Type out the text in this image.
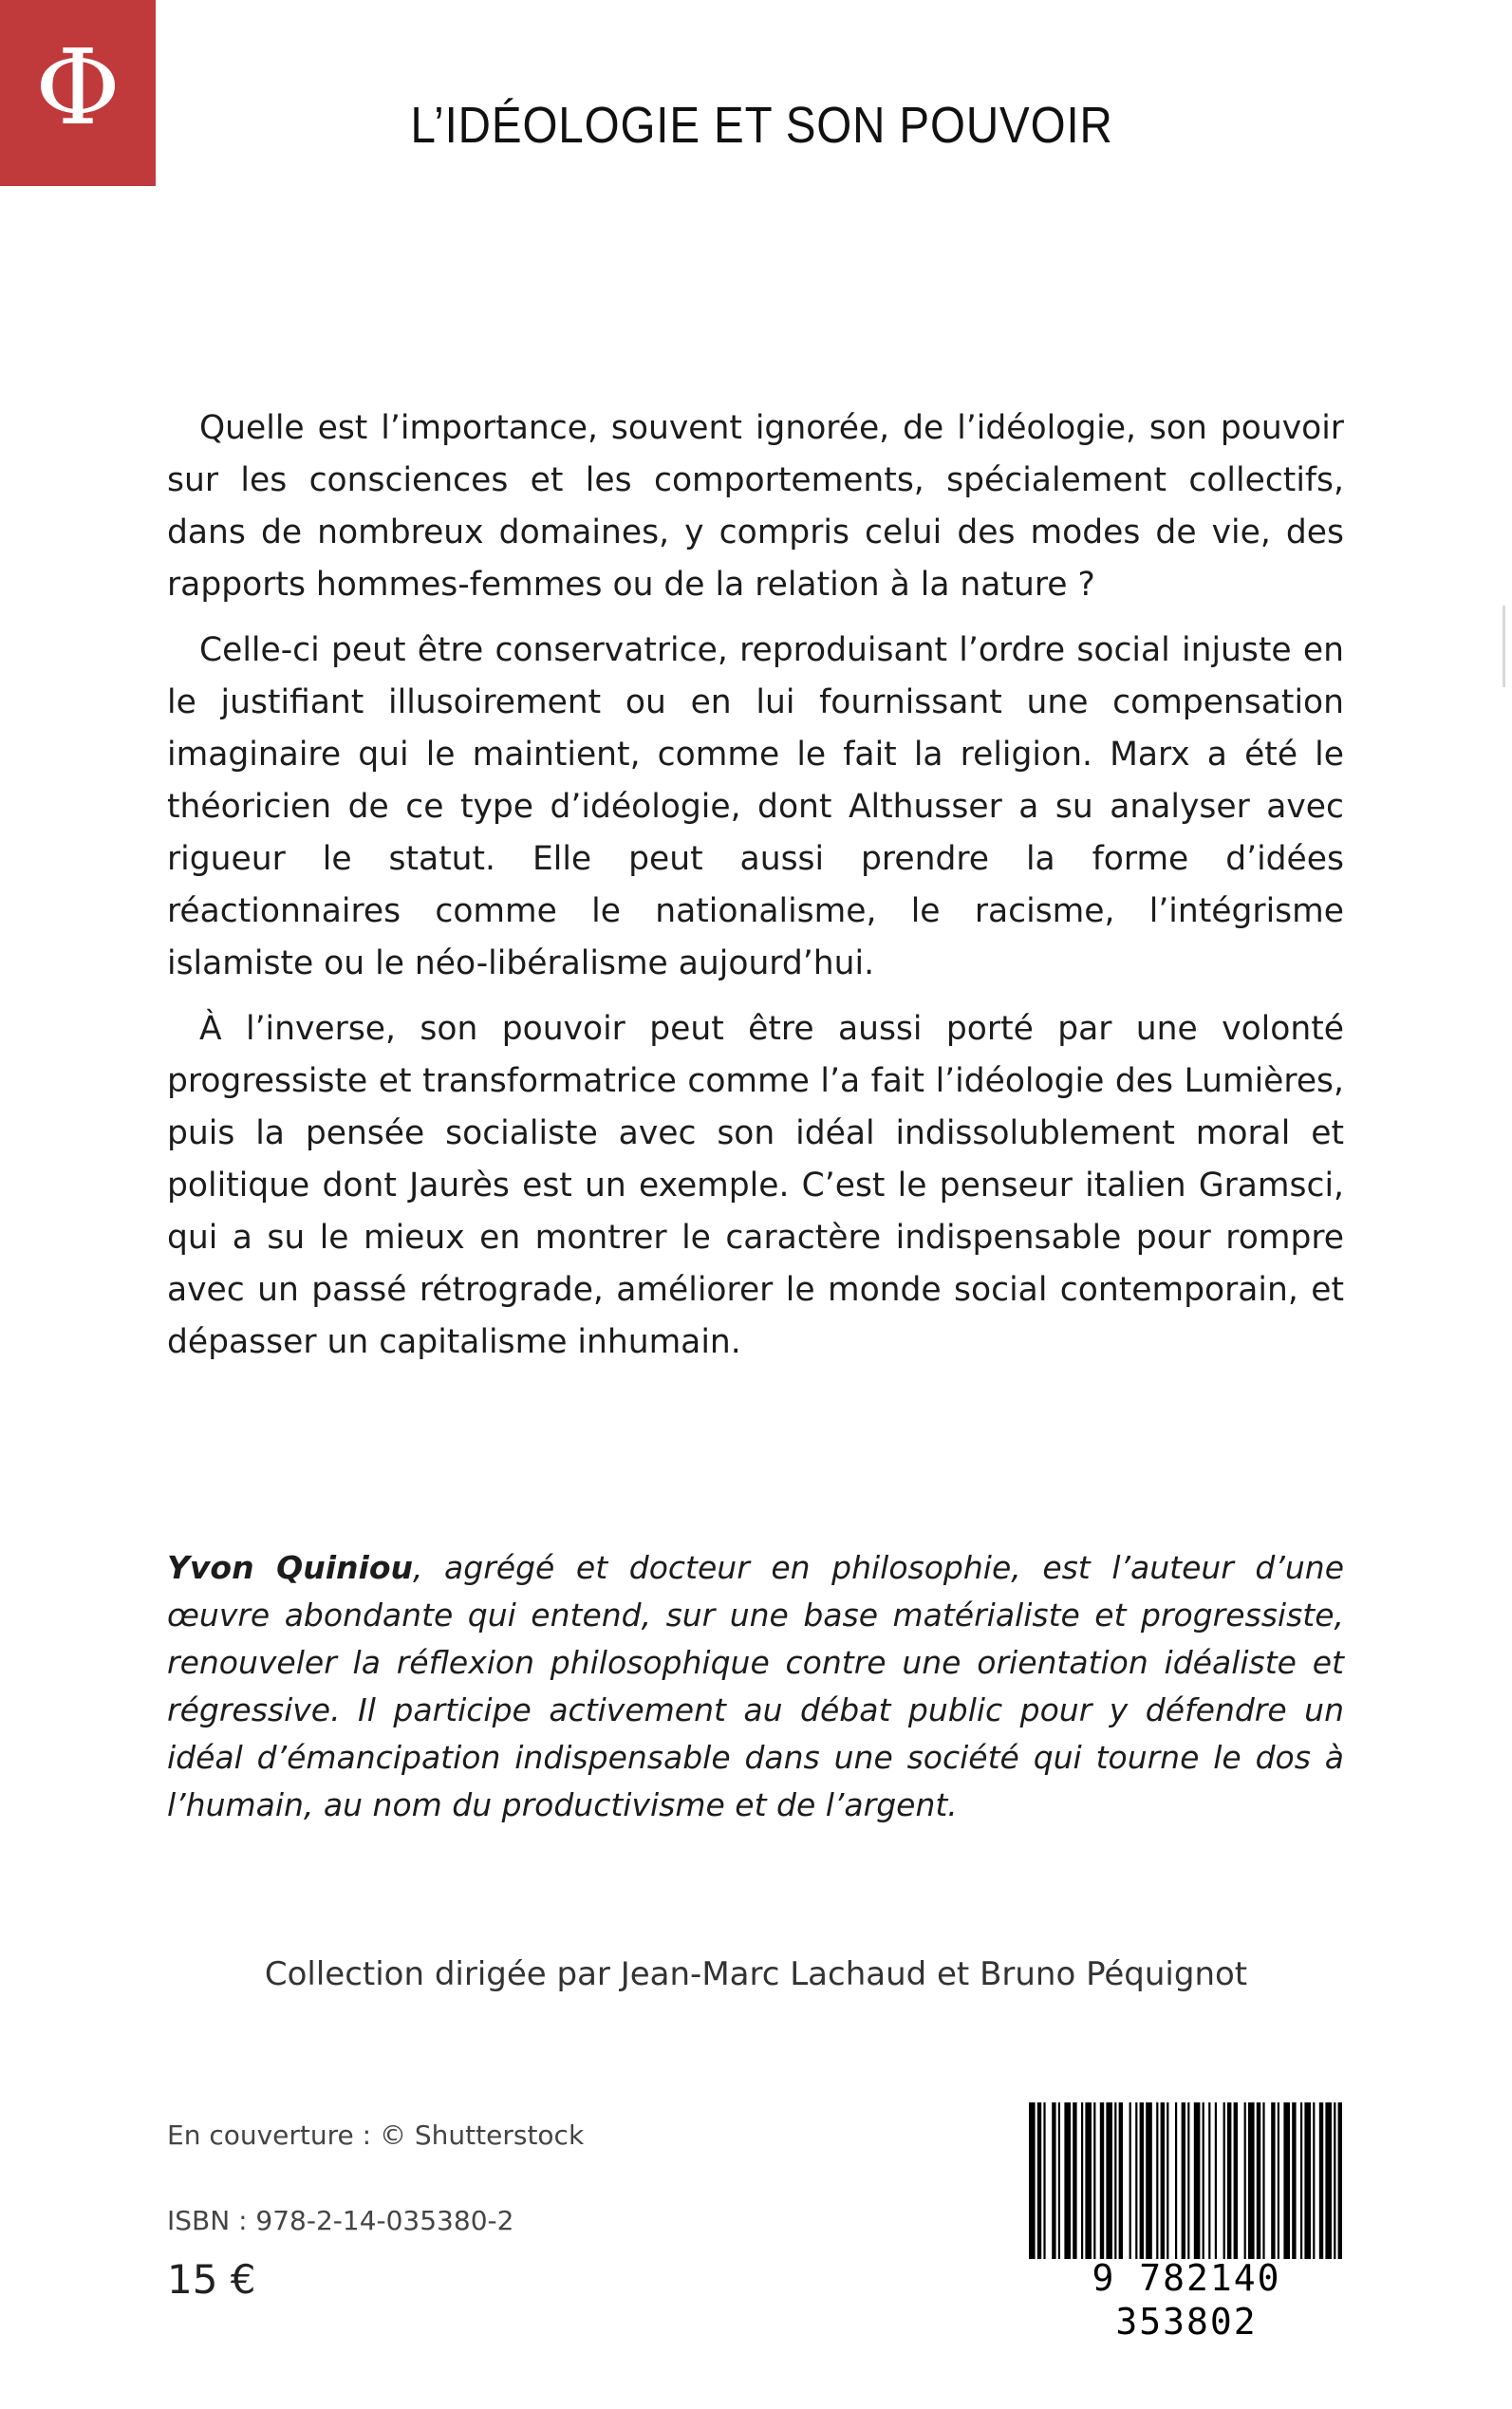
Φ	L’IDÉOLOGIE ET SON POUVOIR

Quelle est l’importance, souvent ignorée, de l’idéologie, son pouvoir sur les consciences et les comportements, spécialement collectifs, dans de nombreux domaines, y compris celui des modes de vie, des rapports hommes-femmes ou de la relation à la nature ?

Celle-ci peut être conservatrice, reproduisant l’ordre social injuste en le justifiant illusoirement ou en lui fournissant une compensation imaginaire qui le maintient, comme le fait la religion. Marx a été le théoricien de ce type d’idéologie, dont Althusser a su analyser avec rigueur le statut. Elle peut aussi prendre la forme d’idées réactionnaires comme le nationalisme, le racisme, l’intégrisme islamiste ou le néo-libéralisme aujourd’hui.

À l’inverse, son pouvoir peut être aussi porté par une volonté progressiste et transformatrice comme l’a fait l’idéologie des Lumières, puis la pensée socialiste avec son idéal indissolublement moral et politique dont Jaurès est un exemple. C’est le penseur italien Gramsci, qui a su le mieux en montrer le caractère indispensable pour rompre avec un passé rétrograde, améliorer le monde social contemporain, et dépasser un capitalisme inhumain.

Yvon Quiniou, agrégé et docteur en philosophie, est l’auteur d’une œuvre abondante qui entend, sur une base matérialiste et progressiste, renouveler la réflexion philosophique contre une orientation idéaliste et régressive. Il participe activement au débat public pour y défendre un idéal d’émancipation indispensable dans une société qui tourne le dos à l’humain, au nom du productivisme et de l’argent.
Collection dirigée par Jean-Marc Lachaud et Bruno Péquignot
En couverture : © Shutterstock
ISBN : 978-2-14-035380-2
15 €	9 782140 353802
